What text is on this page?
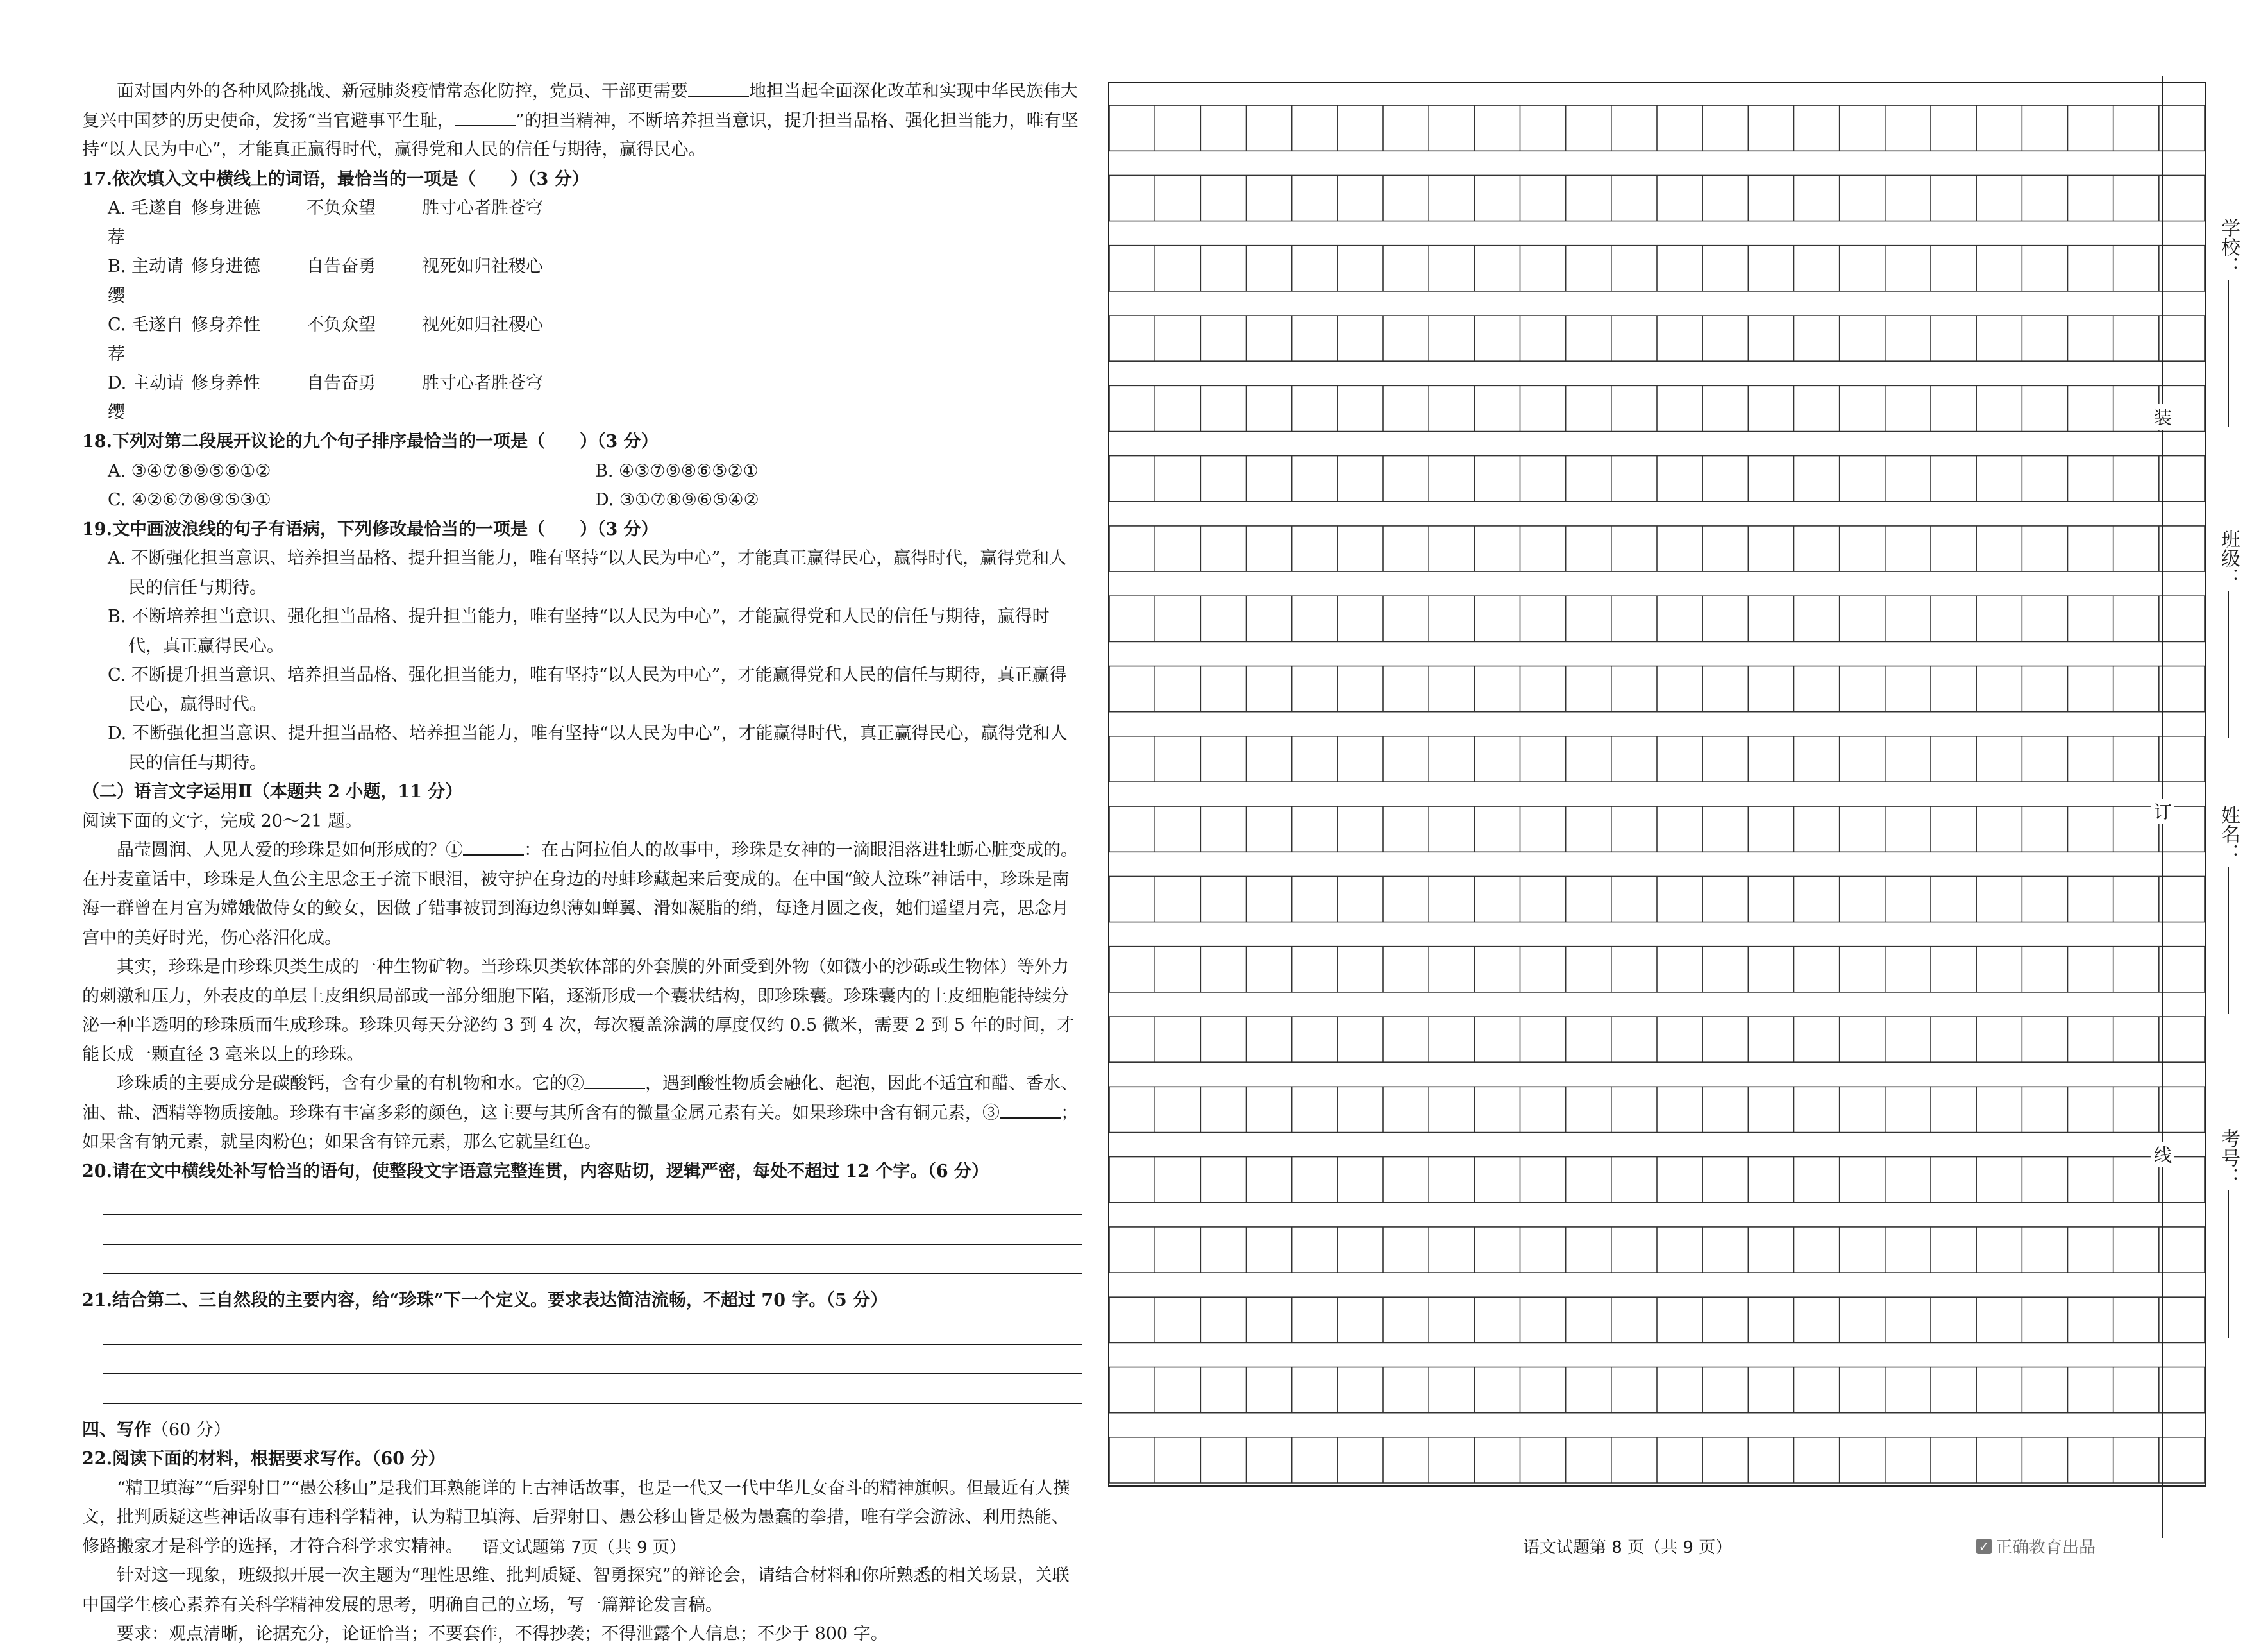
面对国内外的各种风险挑战、新冠肺炎疫情常态化防控，党员、干部更需要	地担当起全面深化改革和实现中华民族伟大复兴中国梦的历史使命，发扬“当官避事平生耻，	”的担当精神，不断培养担当意识，提升担当品格、强化担当能力，唯有坚持“以人民为中心”，才能真正赢得时代，赢得党和人民的信任与期待，赢得民心。

17.依次填入文中横线上的词语，最恰当的一项是（　　）（3 分）

A. 毛遂自荐
修身进德	不负众望	胜寸心者胜苍穹
B. 主动请缨
修身进德	自告奋勇	视死如归社稷心
C. 毛遂自荐
修身养性	不负众望	视死如归社稷心
D. 主动请缨
修身养性	自告奋勇	胜寸心者胜苍穹

18.下列对第二段展开议论的九个句子排序最恰当的一项是（　　）（3 分）

A. ③④⑦⑧⑨⑤⑥①②	B. ④③⑦⑨⑧⑥⑤②①
C. ④②⑥⑦⑧⑨⑤③①	D. ③①⑦⑧⑨⑥⑤④②

19.文中画波浪线的句子有语病，下列修改最恰当的一项是（　　）（3 分）

A. 不断强化担当意识、培养担当品格、提升担当能力，唯有坚持“以人民为中心”，才能真正赢得民心，赢得时代，赢得党和人民的信任与期待。

B. 不断培养担当意识、强化担当品格、提升担当能力，唯有坚持“以人民为中心”，才能赢得党和人民的信任与期待，赢得时代，真正赢得民心。

C. 不断提升担当意识、培养担当品格、强化担当能力，唯有坚持“以人民为中心”，才能赢得党和人民的信任与期待，真正赢得民心，赢得时代。

D. 不断强化担当意识、提升担当品格、培养担当能力，唯有坚持“以人民为中心”，才能赢得时代，真正赢得民心，赢得党和人民的信任与期待。

（二）语言文字运用Ⅱ（本题共 2 小题，11 分）

阅读下面的文字，完成 20～21 题。

晶莹圆润、人见人爱的珍珠是如何形成的？①	：在古阿拉伯人的故事中，珍珠是女神的一滴眼泪落进牡蛎心脏变成的。在丹麦童话中，珍珠是人鱼公主思念王子流下眼泪，被守护在身边的母蚌珍藏起来后变成的。在中国“鲛人泣珠”神话中，珍珠是南海一群曾在月宫为嫦娥做侍女的鲛女，因做了错事被罚到海边织薄如蝉翼、滑如凝脂的绡，每逢月圆之夜，她们遥望月亮，思念月宫中的美好时光，伤心落泪化成。

其实，珍珠是由珍珠贝类生成的一种生物矿物。当珍珠贝类软体部的外套膜的外面受到外物（如微小的沙砾或生物体）等外力的刺激和压力，外表皮的单层上皮组织局部或一部分细胞下陷，逐渐形成一个囊状结构，即珍珠囊。珍珠囊内的上皮细胞能持续分泌一种半透明的珍珠质而生成珍珠。珍珠贝每天分泌约 3 到 4 次，每次覆盖涂满的厚度仅约 0.5 微米，需要 2 到 5 年的时间，才能长成一颗直径 3 毫米以上的珍珠。

珍珠质的主要成分是碳酸钙，含有少量的有机物和水。它的②	，遇到酸性物质会融化、起泡，因此不适宜和醋、香水、油、盐、酒精等物质接触。珍珠有丰富多彩的颜色，这主要与其所含有的微量金属元素有关。如果珍珠中含有铜元素，③	；如果含有钠元素，就呈肉粉色；如果含有锌元素，那么它就呈红色。

20.请在文中横线处补写恰当的语句，使整段文字语意完整连贯，内容贴切，逻辑严密，每处不超过 12 个字。（6 分）

21.结合第二、三自然段的主要内容，给“珍珠”下一个定义。要求表达简洁流畅，不超过 70 字。（5 分）

四、写作（60 分）

22.阅读下面的材料，根据要求写作。（60 分）

“精卫填海”“后羿射日”“愚公移山”是我们耳熟能详的上古神话故事，也是一代又一代中华儿女奋斗的精神旗帜。但最近有人撰文，批判质疑这些神话故事有违科学精神，认为精卫填海、后羿射日、愚公移山皆是极为愚蠢的拳措，唯有学会游泳、利用热能、修路搬家才是科学的选择，才符合科学求实精神。

针对这一现象，班级拟开展一次主题为“理性思维、批判质疑、智勇探究”的辩论会，请结合材料和你所熟悉的相关场景，关联中国学生核心素养有关科学精神发展的思考，明确自己的立场，写一篇辩论发言稿。

要求：观点清晰，论据充分，论证恰当；不要套作，不得抄袭；不得泄露个人信息；不少于 800 字。

语文试题第 7页（共 9 页）	语文试题第 8 页（共 9 页）	✓ 正确教育出品
装
订
线
学校：
班级：
姓名：
考号：
